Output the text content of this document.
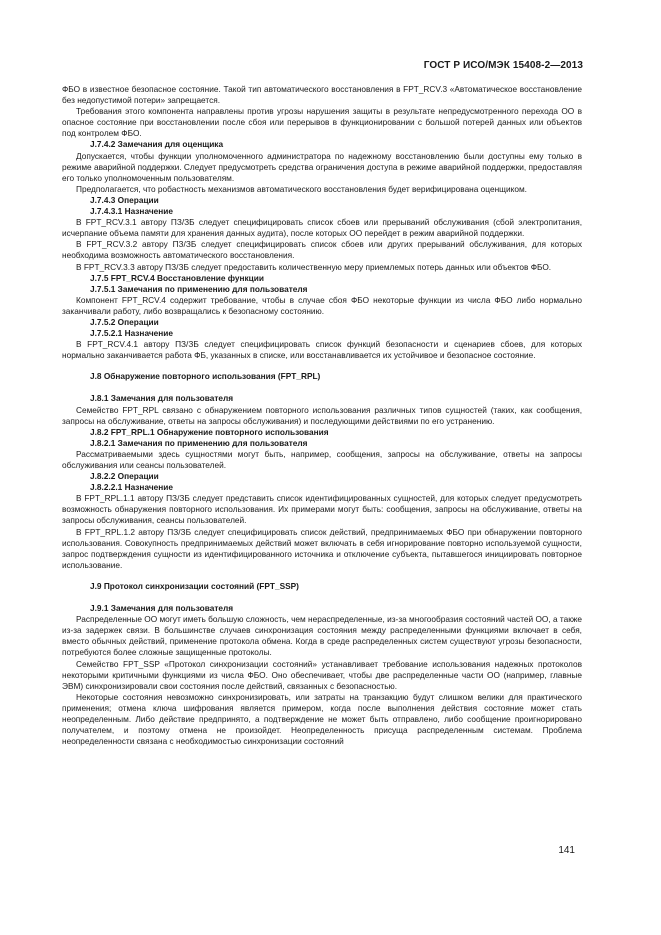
ГОСТ Р ИСО/МЭК 15408-2—2013

ФБО в известное безопасное состояние. Такой тип автоматического восстановления в FPT_RCV.3 «Автоматическое восстановление без недопустимой потери» запрещается.

Требования этого компонента направлены против угрозы нарушения защиты в результате непредусмотренного перехода ОО в опасное состояние при восстановлении после сбоя или перерывов в функционировании с большой потерей данных или объектов под контролем ФБО.

J.7.4.2 Замечания для оценщика

Допускается, чтобы функции уполномоченного администратора по надежному восстановлению были доступны ему только в режиме аварийной поддержки. Следует предусмотреть средства ограничения доступа в режиме аварийной поддержки, предоставляя его только уполномоченным пользователям.

Предполагается, что робастность механизмов автоматического восстановления будет верифицирована оценщиком.

J.7.4.3 Операции

J.7.4.3.1 Назначение

В FPT_RCV.3.1 автору ПЗ/ЗБ следует специфицировать список сбоев или прерываний обслуживания (сбой электропитания, исчерпание объема памяти для хранения данных аудита), после которых ОО перейдет в режим аварийной поддержки.

В FPT_RCV.3.2 автору ПЗ/ЗБ следует специфицировать список сбоев или других прерываний обслуживания, для которых необходима возможность автоматического восстановления.

В FPT_RCV.3.3 автору ПЗ/ЗБ следует предоставить количественную меру приемлемых потерь данных или объектов ФБО.

J.7.5 FPT_RCV.4 Восстановление функции

J.7.5.1 Замечания по применению для пользователя

Компонент FPT_RCV.4 содержит требование, чтобы в случае сбоя ФБО некоторые функции из числа ФБО либо нормально заканчивали работу, либо возвращались к безопасному состоянию.

J.7.5.2 Операции

J.7.5.2.1 Назначение

В FPT_RCV.4.1 автору ПЗ/ЗБ следует специфицировать список функций безопасности и сценариев сбоев, для которых нормально заканчивается работа ФБ, указанных в списке, или восстанавливается их устойчивое и безопасное состояние.

J.8 Обнаружение повторного использования (FPT_RPL)

J.8.1 Замечания для пользователя

Семейство FPT_RPL связано с обнаружением повторного использования различных типов сущностей (таких, как сообщения, запросы на обслуживание, ответы на запросы обслуживания) и последующими действиями по его устранению.

J.8.2 FPT_RPL.1 Обнаружение повторного использования

J.8.2.1 Замечания по применению для пользователя

Рассматриваемыми здесь сущностями могут быть, например, сообщения, запросы на обслуживание, ответы на запросы обслуживания или сеансы пользователей.

J.8.2.2 Операции

J.8.2.2.1 Назначение

В FPT_RPL.1.1 автору ПЗ/ЗБ следует представить список идентифицированных сущностей, для которых следует предусмотреть возможность обнаружения повторного использования. Их примерами могут быть: сообщения, запросы на обслуживание, ответы на запросы обслуживания, сеансы пользователей.

В FPT_RPL.1.2 автору ПЗ/ЗБ следует специфицировать список действий, предпринимаемых ФБО при обнаружении повторного использования. Совокупность предпринимаемых действий может включать в себя игнорирование повторно используемой сущности, запрос подтверждения сущности из идентифицированного источника и отключение субъекта, пытавшегося инициировать повторное использование.

J.9 Протокол синхронизации состояний (FPT_SSP)

J.9.1 Замечания для пользователя

Распределенные ОО могут иметь большую сложность, чем нераспределенные, из-за многообразия состояний частей ОО, а также из-за задержек связи. В большинстве случаев синхронизация состояния между распределенными функциями включает в себя, вместо обычных действий, применение протокола обмена. Когда в среде распределенных систем существуют угрозы безопасности, потребуются более сложные защищенные протоколы.

Семейство FPT_SSP «Протокол синхронизации состояний» устанавливает требование использования надежных протоколов некоторыми критичными функциями из числа ФБО. Оно обеспечивает, чтобы две распределенные части ОО (например, главные ЭВМ) синхронизировали свои состояния после действий, связанных с безопасностью.

Некоторые состояния невозможно синхронизировать, или затраты на транзакцию будут слишком велики для практического применения; отмена ключа шифрования является примером, когда после выполнения действия состояние может стать неопределенным. Либо действие предпринято, а подтверждение не может быть отправлено, либо сообщение проигнорировано получателем, и поэтому отмена не произойдет. Неопределенность присуща распределенным системам. Проблема неопределенности связана с необходимостью синхронизации состояний

141
